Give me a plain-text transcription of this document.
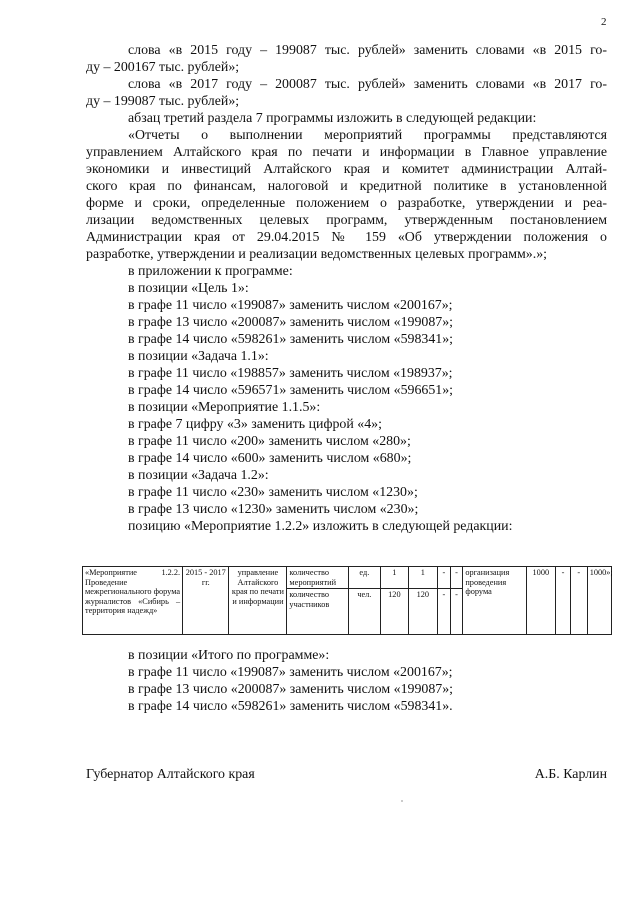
2

слова «в 2015 году – 199087 тыс. рублей» заменить словами «в 2015 го-

ду – 200167 тыс. рублей»;

слова «в 2017 году – 200087 тыс. рублей» заменить словами «в 2017 го-

ду – 199087 тыс. рублей»;

абзац третий раздела 7 программы изложить в следующей редакции:

«Отчеты о выполнении мероприятий программы представляются

управлением Алтайского края по печати и информации в Главное управление

экономики и инвестиций Алтайского края и комитет администрации Алтай-

ского края по финансам, налоговой и кредитной политике в установленной

форме и сроки, определенные положением о разработке, утверждении и реа-

лизации ведомственных целевых программ, утвержденным постановлением

Администрации края от 29.04.2015 № 159 «Об утверждении положения о

разработке, утверждении и реализации ведомственных целевых программ».»;

в приложении к программе:

в позиции «Цель 1»:

в графе 11 число «199087» заменить числом «200167»;

в графе 13 число «200087» заменить числом «199087»;

в графе 14 число «598261» заменить числом «598341»;

в позиции «Задача 1.1»:

в графе 11 число «198857» заменить числом «198937»;

в графе 14 число «596571» заменить числом «596651»;

в позиции «Мероприятие 1.1.5»:

в графе 7 цифру «3» заменить цифрой «4»;

в графе 11 число «200» заменить числом «280»;

в графе 14 число «600» заменить числом «680»;

в позиции «Задача 1.2»:

в графе 11 число «230» заменить числом «1230»;

в графе 13 число «1230» заменить числом «230»;

позицию «Мероприятие 1.2.2» изложить в следующей редакции:

«Мероприятие 1.2.2. Проведение межрегионального форума журналистов «Сибирь – территория надежд»	2015 - 2017 гг.	управление Алтайского края по печати и информации	количество мероприятий	ед.	1	1	-	-	организация проведения форума	1000	-	-	1000»;
			количество участников	чел.	120	120	-	-					

в позиции «Итого по программе»:

в графе 11 число «199087» заменить числом «200167»;

в графе 13 число «200087» заменить числом «199087»;

в графе 14 число «598261» заменить числом «598341».

Губернатор Алтайского края	А.Б. Карлин
